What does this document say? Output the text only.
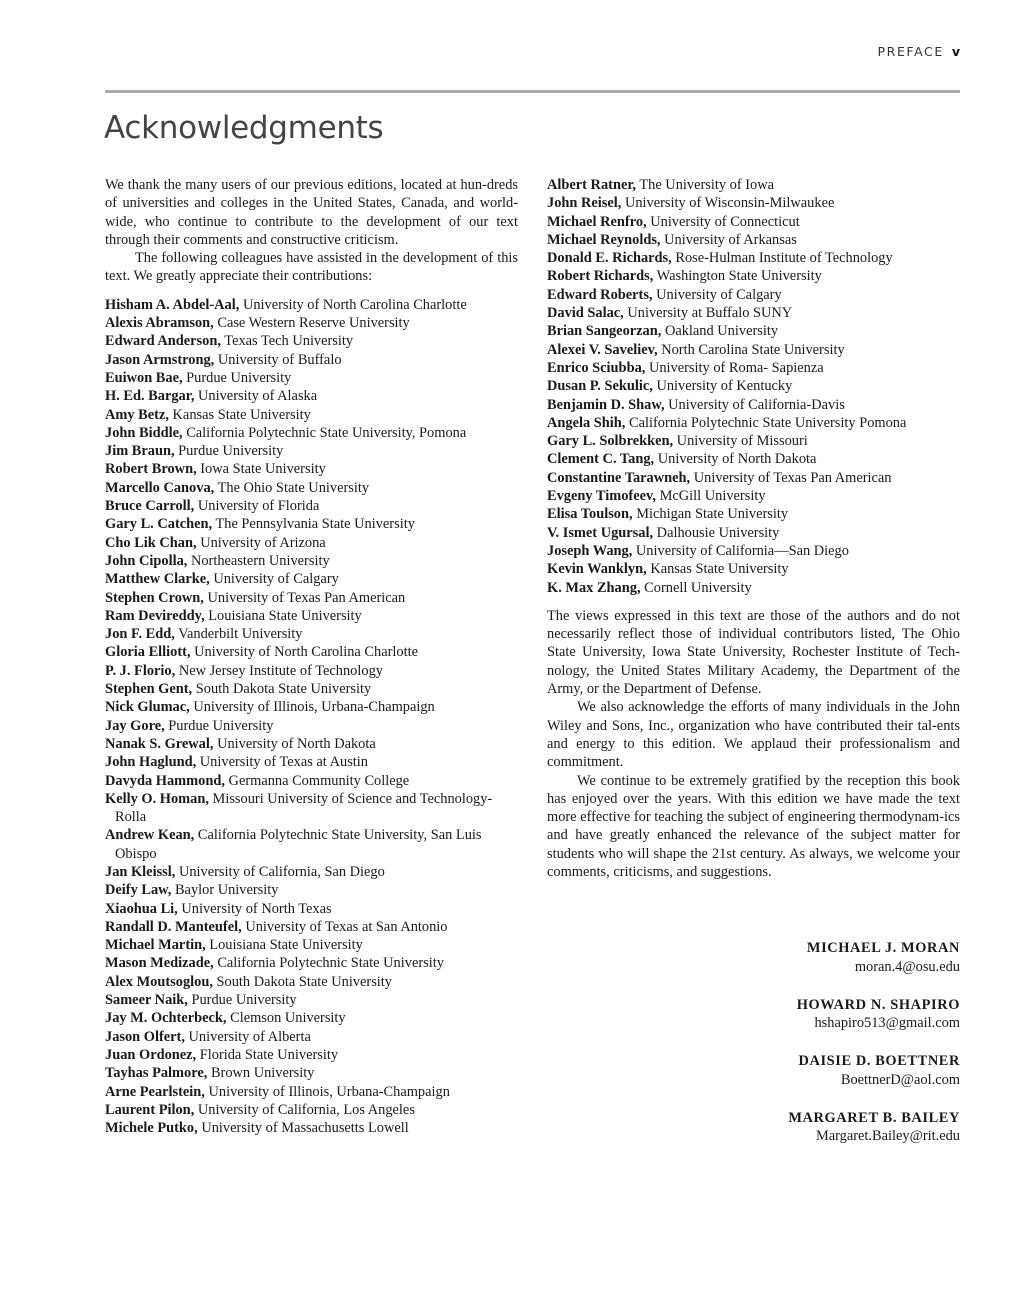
PREFACE v
Acknowledgments

We thank the many users of our previous editions, located at hun-dreds of universities and colleges in the United States, Canada, and world-wide, who continue to contribute to the development of our text through their comments and constructive criticism.

The following colleagues have assisted in the development of this text. We greatly appreciate their contributions:

Hisham A. Abdel-Aal, University of North Carolina Charlotte
Alexis Abramson, Case Western Reserve University
Edward Anderson, Texas Tech University
Jason Armstrong, University of Buffalo
Euiwon Bae, Purdue University
H. Ed. Bargar, University of Alaska
Amy Betz, Kansas State University
John Biddle, California Polytechnic State University, Pomona
Jim Braun, Purdue University
Robert Brown, Iowa State University
Marcello Canova, The Ohio State University
Bruce Carroll, University of Florida
Gary L. Catchen, The Pennsylvania State University
Cho Lik Chan, University of Arizona
John Cipolla, Northeastern University
Matthew Clarke, University of Calgary
Stephen Crown, University of Texas Pan American
Ram Devireddy, Louisiana State University
Jon F. Edd, Vanderbilt University
Gloria Elliott, University of North Carolina Charlotte
P. J. Florio, New Jersey Institute of Technology
Stephen Gent, South Dakota State University
Nick Glumac, University of Illinois, Urbana-Champaign
Jay Gore, Purdue University
Nanak S. Grewal, University of North Dakota
John Haglund, University of Texas at Austin
Davyda Hammond, Germanna Community College
Kelly O. Homan, Missouri University of Science and Technology-Rolla
Andrew Kean, California Polytechnic State University, San Luis Obispo
Jan Kleissl, University of California, San Diego
Deify Law, Baylor University
Xiaohua Li, University of North Texas
Randall D. Manteufel, University of Texas at San Antonio
Michael Martin, Louisiana State University
Mason Medizade, California Polytechnic State University
Alex Moutsoglou, South Dakota State University
Sameer Naik, Purdue University
Jay M. Ochterbeck, Clemson University
Jason Olfert, University of Alberta
Juan Ordonez, Florida State University
Tayhas Palmore, Brown University
Arne Pearlstein, University of Illinois, Urbana-Champaign
Laurent Pilon, University of California, Los Angeles
Michele Putko, University of Massachusetts Lowell
Albert Ratner, The University of Iowa
John Reisel, University of Wisconsin-Milwaukee
Michael Renfro, University of Connecticut
Michael Reynolds, University of Arkansas
Donald E. Richards, Rose-Hulman Institute of Technology
Robert Richards, Washington State University
Edward Roberts, University of Calgary
David Salac, University at Buffalo SUNY
Brian Sangeorzan, Oakland University
Alexei V. Saveliev, North Carolina State University
Enrico Sciubba, University of Roma- Sapienza
Dusan P. Sekulic, University of Kentucky
Benjamin D. Shaw, University of California-Davis
Angela Shih, California Polytechnic State University Pomona
Gary L. Solbrekken, University of Missouri
Clement C. Tang, University of North Dakota
Constantine Tarawneh, University of Texas Pan American
Evgeny Timofeev, McGill University
Elisa Toulson, Michigan State University
V. Ismet Ugursal, Dalhousie University
Joseph Wang, University of California—San Diego
Kevin Wanklyn, Kansas State University
K. Max Zhang, Cornell University

The views expressed in this text are those of the authors and do not necessarily reflect those of individual contributors listed, The Ohio State University, Iowa State University, Rochester Institute of Tech-nology, the United States Military Academy, the Department of the Army, or the Department of Defense.

We also acknowledge the efforts of many individuals in the John Wiley and Sons, Inc., organization who have contributed their tal-ents and energy to this edition. We applaud their professionalism and commitment.

We continue to be extremely gratified by the reception this book has enjoyed over the years. With this edition we have made the text more effective for teaching the subject of engineering thermodynam-ics and have greatly enhanced the relevance of the subject matter for students who will shape the 21st century. As always, we welcome your comments, criticisms, and suggestions.

MICHAEL J. MORAN
moran.4@osu.edu
HOWARD N. SHAPIRO
hshapiro513@gmail.com
DAISIE D. BOETTNER
BoettnerD@aol.com
MARGARET B. BAILEY
Margaret.Bailey@rit.edu
